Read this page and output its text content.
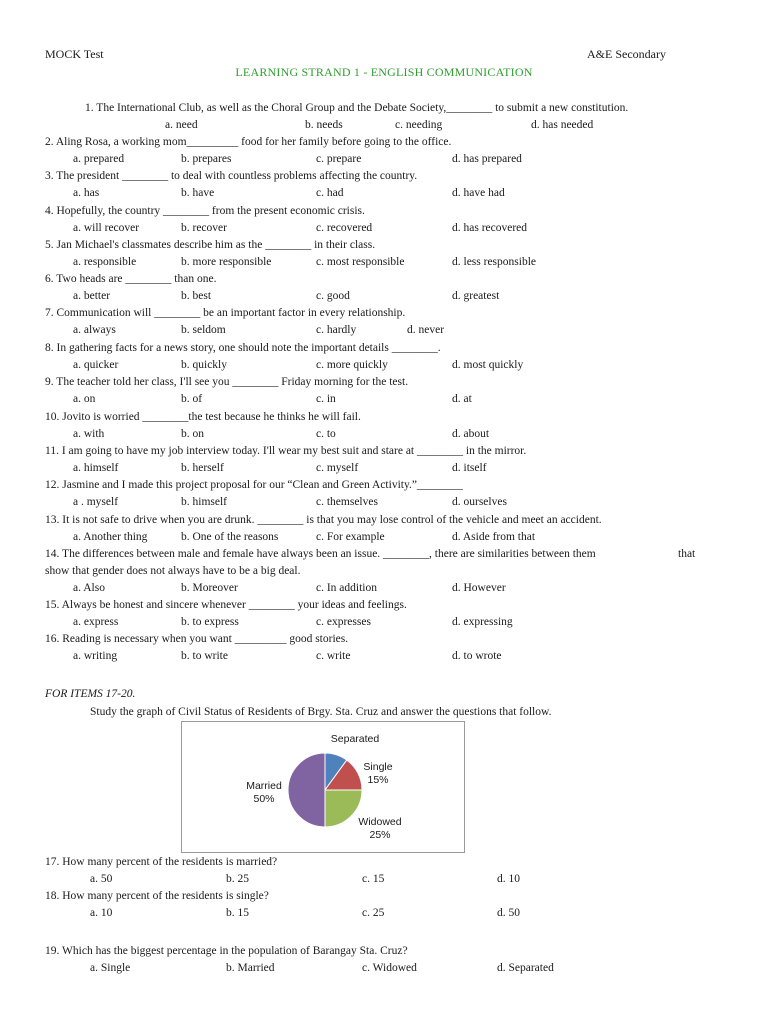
MOCK Test	A&E Secondary
LEARNING STRAND 1 - ENGLISH COMMUNICATION
1. The International Club, as well as the Choral Group and the Debate Society,________ to submit a new constitution.
a. need	b. needs	c. needing	d. has needed
2. Aling Rosa, a working mom_________ food for her family before going to the office.
a. prepared	b. prepares	c. prepare	d. has prepared
3. The president ________ to deal with countless problems affecting the country.
a. has	b. have	c. had	d. have had
4. Hopefully, the country ________ from the present economic crisis.
a. will recover	b. recover	c. recovered	d. has recovered
5. Jan Michael's classmates describe him as the ________ in their class.
a. responsible	b. more responsible	c. most responsible	d. less responsible
6. Two heads are ________ than one.
a. better	b. best	c. good	d. greatest
7. Communication will ________ be an important factor in every relationship.
a. always	b. seldom	c. hardly	d. never
8. In gathering facts for a news story, one should note the important details ________.
a. quicker	b. quickly	c. more quickly	d. most quickly
9. The teacher told her class, I'll see you ________ Friday morning for the test.
a. on	b. of	c. in	d. at
10. Jovito is worried ________the test because he thinks he will fail.
a. with	b. on	c. to	d. about
11. I am going to have my job interview today. I'll wear my best suit and stare at ________ in the mirror.
a. himself	b. herself	c. myself	d. itself
12. Jasmine and I made this project proposal for our “Clean and Green Activity.”________
a . myself	b. himself	c. themselves	d. ourselves
13. It is not safe to drive when you are drunk. ________ is that you may lose control of the vehicle and meet an accident.
a. Another thing	b. One of the reasons	c. For example	d. Aside from that
14. The differences between male and female have always been an issue. ________, there are similarities between them	that
show that gender does not always have to be a big deal.
a. Also	b. Moreover	c. In addition	d. However
15. Always be honest and sincere whenever ________ your ideas and feelings.
a. express	b. to express	c. expresses	d. expressing
16. Reading is necessary when you want _________ good stories.
a. writing	b. to write	c. write	d. to wrote
FOR ITEMS 17-20.
Study the graph of Civil Status of Residents of Brgy. Sta. Cruz and answer the questions that follow.
Separated
Single
15%
Widowed
25%
Married
50%
17. How many percent of the residents is married?
a. 50	b. 25	c. 15	d. 10
18. How many percent of the residents is single?
a. 10	b. 15	c. 25	d. 50
19. Which has the biggest percentage in the population of Barangay Sta. Cruz?
a. Single	b. Married	c. Widowed	d. Separated
